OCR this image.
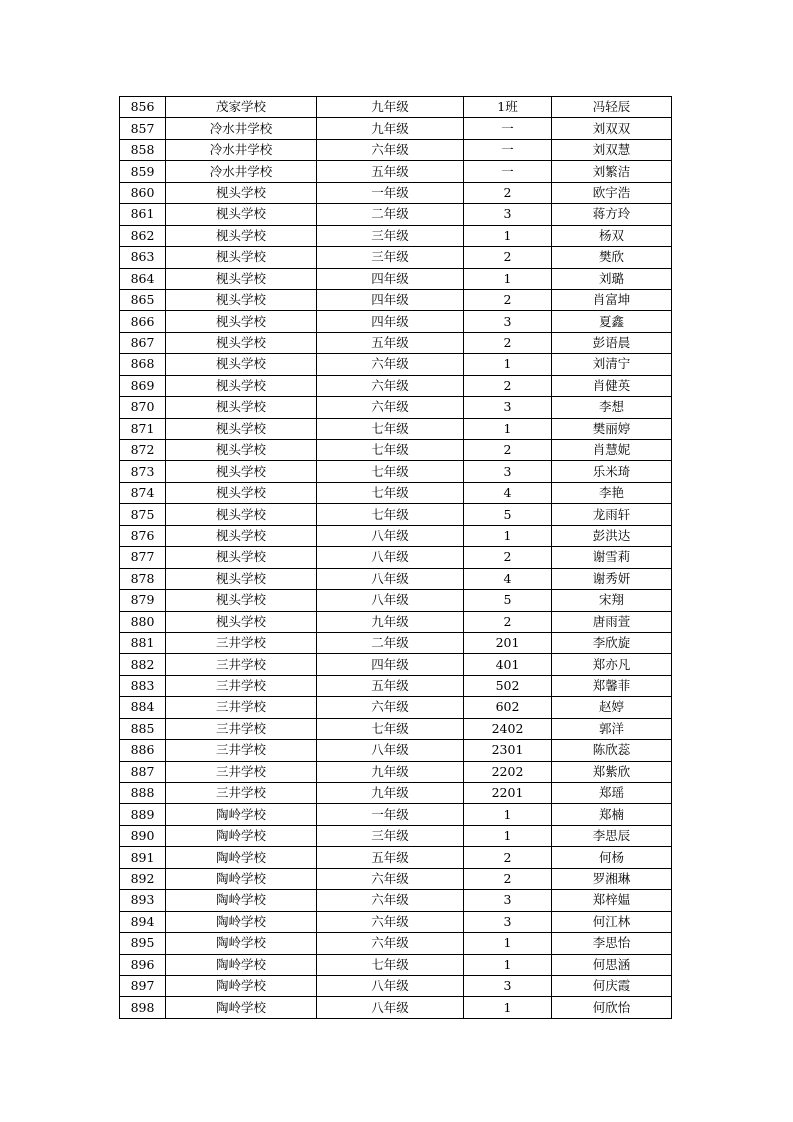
856	茂家学校	九年级	1班	冯轻辰
857	冷水井学校	九年级	一	刘双双
858	冷水井学校	六年级	一	刘双慧
859	冷水井学校	五年级	一	刘繁洁
860	枧头学校	一年级	2	欧宇浩
861	枧头学校	二年级	3	蒋方玲
862	枧头学校	三年级	1	杨双
863	枧头学校	三年级	2	樊欣
864	枧头学校	四年级	1	刘璐
865	枧头学校	四年级	2	肖富坤
866	枧头学校	四年级	3	夏鑫
867	枧头学校	五年级	2	彭语晨
868	枧头学校	六年级	1	刘清宁
869	枧头学校	六年级	2	肖健英
870	枧头学校	六年级	3	李想
871	枧头学校	七年级	1	樊丽婷
872	枧头学校	七年级	2	肖慧妮
873	枧头学校	七年级	3	乐米琦
874	枧头学校	七年级	4	李艳
875	枧头学校	七年级	5	龙雨轩
876	枧头学校	八年级	1	彭洪达
877	枧头学校	八年级	2	谢雪莉
878	枧头学校	八年级	4	谢秀妍
879	枧头学校	八年级	5	宋翔
880	枧头学校	九年级	2	唐雨萱
881	三井学校	二年级	201	李欣旋
882	三井学校	四年级	401	郑亦凡
883	三井学校	五年级	502	郑馨菲
884	三井学校	六年级	602	赵婷
885	三井学校	七年级	2402	郭洋
886	三井学校	八年级	2301	陈欣蕊
887	三井学校	九年级	2202	郑紫欣
888	三井学校	九年级	2201	郑瑶
889	陶岭学校	一年级	1	郑楠
890	陶岭学校	三年级	1	李思辰
891	陶岭学校	五年级	2	何杨
892	陶岭学校	六年级	2	罗湘琳
893	陶岭学校	六年级	3	郑梓媪
894	陶岭学校	六年级	3	何江林
895	陶岭学校	六年级	1	李思怡
896	陶岭学校	七年级	1	何思涵
897	陶岭学校	八年级	3	何庆霞
898	陶岭学校	八年级	1	何欣怡
